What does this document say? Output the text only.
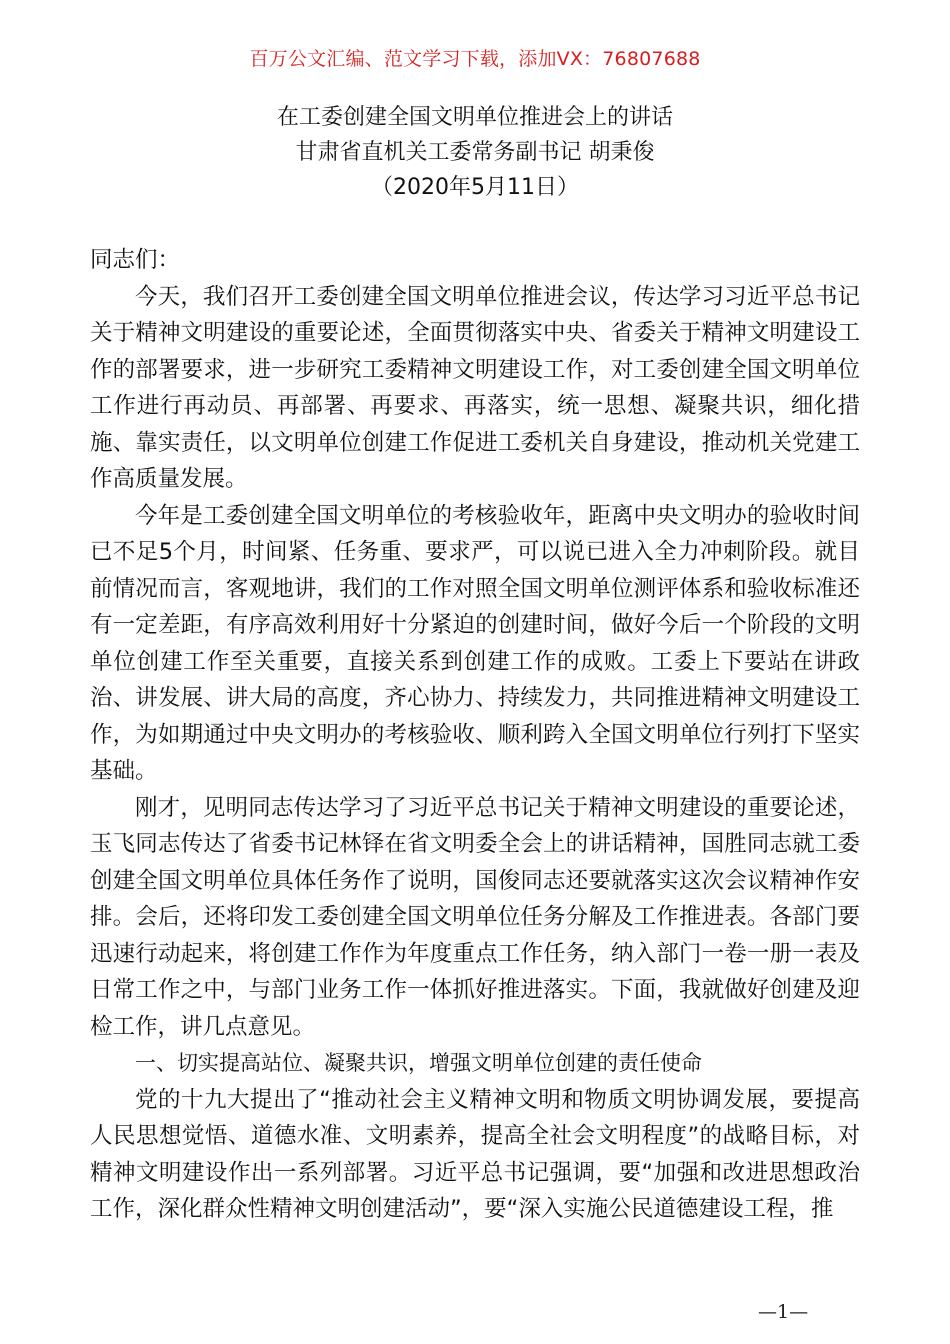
百万公文汇编、范文学习下载，添加VX：76807688
在工委创建全国文明单位推进会上的讲话
甘肃省直机关工委常务副书记 胡秉俊
（2020年5月11日）

同志们：

今天，我们召开工委创建全国文明单位推进会议，传达学习习近平总书记关于精神文明建设的重要论述，全面贯彻落实中央、省委关于精神文明建设工作的部署要求，进一步研究工委精神文明建设工作，对工委创建全国文明单位工作进行再动员、再部署、再要求、再落实，统一思想、凝聚共识，细化措施、靠实责任，以文明单位创建工作促进工委机关自身建设，推动机关党建工作高质量发展。

今年是工委创建全国文明单位的考核验收年，距离中央文明办的验收时间已不足5个月，时间紧、任务重、要求严，可以说已进入全力冲刺阶段。就目前情况而言，客观地讲，我们的工作对照全国文明单位测评体系和验收标准还有一定差距，有序高效利用好十分紧迫的创建时间，做好今后一个阶段的文明单位创建工作至关重要，直接关系到创建工作的成败。工委上下要站在讲政治、讲发展、讲大局的高度，齐心协力、持续发力，共同推进精神文明建设工作，为如期通过中央文明办的考核验收、顺利跨入全国文明单位行列打下坚实基础。

刚才，见明同志传达学习了习近平总书记关于精神文明建设的重要论述，玉飞同志传达了省委书记林铎在省文明委全会上的讲话精神，国胜同志就工委创建全国文明单位具体任务作了说明，国俊同志还要就落实这次会议精神作安排。会后，还将印发工委创建全国文明单位任务分解及工作推进表。各部门要迅速行动起来，将创建工作作为年度重点工作任务，纳入部门一卷一册一表及日常工作之中，与部门业务工作一体抓好推进落实。下面，我就做好创建及迎检工作，讲几点意见。

一、切实提高站位、凝聚共识，增强文明单位创建的责任使命

党的十九大提出了“推动社会主义精神文明和物质文明协调发展，要提高人民思想觉悟、道德水准、文明素养，提高全社会文明程度”的战略目标，对精神文明建设作出一系列部署。习近平总书记强调，要“加强和改进思想政治工作，深化群众性精神文明创建活动”，要“深入实施公民道德建设工程，推

—1—
